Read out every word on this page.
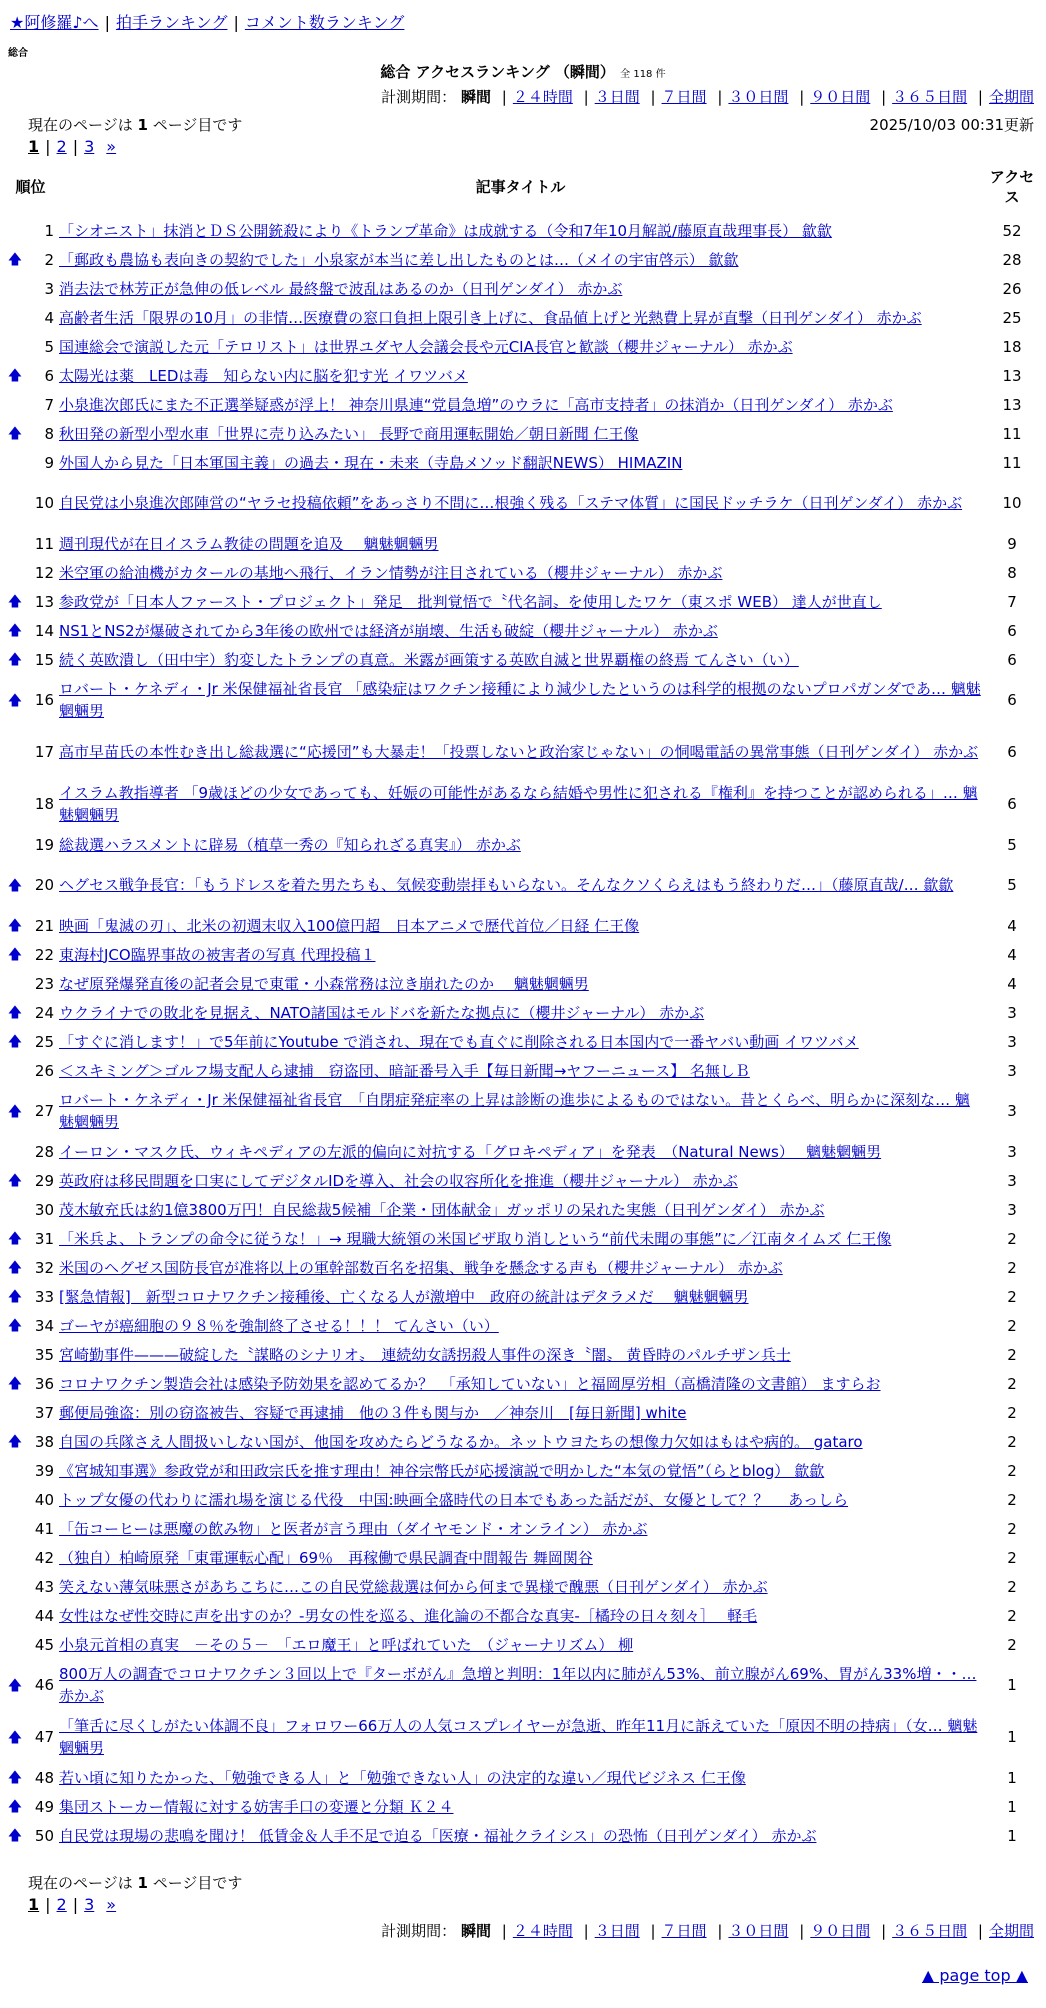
★阿修羅♪へ | 拍手ランキング | コメント数ランキング
総合
総合 アクセスランキング （瞬間） 全 118 件
計測期間： 瞬間 | ２４時間 | ３日間 | ７日間 | ３０日間 | ９０日間 | ３６５日間 | 全期間
現在のページは 1 ページ目です	2025/10/03 00:31更新
1 | 2 | 3 »
順位		記事タイトル	アクセス
	1	「シオニスト」抹消とＤＳ公開銃殺により《トランプ革命》は成就する（令和7年10月解説/藤原直哉理事長） 歙歙	52
🡅	2	「郵政も農協も表向きの契約でした」小泉家が本当に差し出したものとは…（メイの宇宙啓示） 歙歙	28
	3	消去法で林芳正が急伸の低レベル 最終盤で波乱はあるのか（日刊ゲンダイ） 赤かぶ	26
	4	高齢者生活「限界の10月」の非情…医療費の窓口負担上限引き上げに、食品値上げと光熱費上昇が直撃（日刊ゲンダイ） 赤かぶ	25
	5	国連総会で演説した元「テロリスト」は世界ユダヤ人会議会長や元CIA長官と歓談（櫻井ジャーナル） 赤かぶ	18
🡅	6	太陽光は薬　LEDは毒　知らない内に脳を犯す光 イワツバメ	13
	7	小泉進次郎氏にまた不正選挙疑惑が浮上！ 神奈川県連“党員急増”のウラに「高市支持者」の抹消か（日刊ゲンダイ） 赤かぶ	13
🡅	8	秋田発の新型小型水車「世界に売り込みたい」 長野で商用運転開始／朝日新聞 仁王像	11
	9	外国人から見た「日本軍国主義」の過去・現在・未来（寺島メソッド翻訳NEWS） HIMAZIN	11
	10	自民党は小泉進次郎陣営の“ヤラセ投稿依頼”をあっさり不問に…根強く残る「ステマ体質」に国民ドッチラケ（日刊ゲンダイ） 赤かぶ	10
	11	週刊現代が在日イスラム教徒の問題を追及　 魑魅魍魎男	9
	12	米空軍の給油機がカタールの基地へ飛行、イラン情勢が注目されている（櫻井ジャーナル） 赤かぶ	8
🡅	13	参政党が「日本人ファースト・プロジェクト」発足　批判覚悟で〝代名詞〟を使用したワケ（東スポ WEB） 達人が世直し	7
🡅	14	NS1とNS2が爆破されてから3年後の欧州では経済が崩壊、生活も破綻（櫻井ジャーナル） 赤かぶ	6
🡅	15	続く英欧潰し（田中宇）豹変したトランプの真意。米露が画策する英欧自滅と世界覇権の終焉 てんさい（い）	6
🡅	16	ロバート・ケネディ・Jr 米保健福祉省長官 「感染症はワクチン接種により減少したというのは科学的根拠のないプロパガンダであ… 魑魅魍魎男	6
	17	高市早苗氏の本性むき出し総裁選に“応援団”も大暴走！「投票しないと政治家じゃない」の恫喝電話の異常事態（日刊ゲンダイ） 赤かぶ	6
	18	イスラム教指導者 「9歳ほどの少女であっても、妊娠の可能性があるなら結婚や男性に犯される『権利』を持つことが認められる」… 魑魅魍魎男	6
	19	総裁選ハラスメントに辟易（植草一秀の『知られざる真実』） 赤かぶ	5
🡅	20	ヘグセス戦争長官：「もうドレスを着た男たちも、気候変動崇拝もいらない。そんなクソくらえはもう終わりだ…」（藤原直哉/… 歙歙	5
🡅	21	映画「鬼滅の刃」、北米の初週末収入100億円超　日本アニメで歴代首位／日経 仁王像	4
🡅	22	東海村JCO臨界事故の被害者の写真 代理投稿１	4
	23	なぜ原発爆発直後の記者会見で東電・小森常務は泣き崩れたのか　 魑魅魍魎男	4
🡅	24	ウクライナでの敗北を見据え、NATO諸国はモルドバを新たな拠点に（櫻井ジャーナル） 赤かぶ	3
🡅	25	「すぐに消します！」で5年前にYoutube で消され、現在でも直ぐに削除される日本国内で一番ヤバい動画 イワツバメ	3
	26	＜スキミング＞ゴルフ場支配人ら逮捕　窃盗団、暗証番号入手【毎日新聞→ヤフーニュース】 名無しＢ	3
🡅	27	ロバート・ケネディ・Jr 米保健福祉省長官　「自閉症発症率の上昇は診断の進歩によるものではない。昔とくらべ、明らかに深刻な… 魑魅魍魎男	3
	28	イーロン・マスク氏、ウィキペディアの左派的偏向に対抗する「グロキペディア」を発表　（Natural News）　 魑魅魍魎男	3
🡅	29	英政府は移民問題を口実にしてデジタルIDを導入、社会の収容所化を推進（櫻井ジャーナル） 赤かぶ	3
	30	茂木敏充氏は約1億3800万円！自民総裁5候補「企業・団体献金」ガッポリの呆れた実態（日刊ゲンダイ） 赤かぶ	3
🡅	31	「米兵よ、トランプの命令に従うな！」→ 現職大統領の米国ビザ取り消しという“前代未聞の事態”に／江南タイムズ 仁王像	2
🡅	32	米国のヘグゼス国防長官が准将以上の軍幹部数百名を招集、戦争を懸念する声も（櫻井ジャーナル） 赤かぶ	2
🡅	33	[緊急情報]　新型コロナワクチン接種後、亡くなる人が激増中　政府の統計はデタラメだ　 魑魅魍魎男	2
🡅	34	ゴーヤが癌細胞の９８％を強制終了させる！！！ てんさい（い）	2
	35	宮崎勤事件———破綻した〝謀略のシナリオ〟　連続幼女誘拐殺人事件の深き〝闇〟 黄昏時のパルチザン兵士	2
🡅	36	コロナワクチン製造会社は感染予防効果を認めてるか？　「承知していない」と福岡厚労相（高橋清隆の文書館） ますらお	2
	37	郵便局強盗：別の窃盗被告、容疑で再逮捕　他の３件も関与か　／神奈川　[毎日新聞] white	2
🡅	38	自国の兵隊さえ人間扱いしない国が、他国を攻めたらどうなるか。ネットウヨたちの想像力欠如はもはや病的。 gataro	2
	39	《宮城知事選》参政党が和田政宗氏を推す理由！神谷宗幣氏が応援演説で明かした“本気の覚悟”（らとblog） 歙歙	2
	40	トップ女優の代わりに濡れ場を演じる代役　中国:映画全盛時代の日本でもあった話だが、女優として？？　 あっしら	2
	41	「缶コーヒーは悪魔の飲み物」と医者が言う理由（ダイヤモンド・オンライン） 赤かぶ	2
	42	（独自）柏崎原発「東電運転心配」69％　再稼働で県民調査中間報告 舞岡関谷	2
	43	笑えない薄気味悪さがあちこちに…この自民党総裁選は何から何まで異様で醜悪（日刊ゲンダイ） 赤かぶ	2
	44	女性はなぜ性交時に声を出すのか？-男女の性を巡る、進化論の不都合な真実-［橘玲の日々刻々］　 軽毛	2
	45	小泉元首相の真実　－その５－　「エロ魔王」と呼ばれていた　（ジャーナリズム） 柳	2
🡅	46	800万人の調査でコロナワクチン３回以上で『ターボがん』急増と判明：1年以内に肺がん53%、前立腺がん69%、胃がん33%増・・… 赤かぶ	1
🡅	47	「筆舌に尽くしがたい体調不良」フォロワー66万人の人気コスプレイヤーが急逝、昨年11月に訴えていた「原因不明の持病」（女… 魑魅魍魎男	1
🡅	48	若い頃に知りたかった、「勉強できる人」と「勉強できない人」の決定的な違い／現代ビジネス 仁王像	1
🡅	49	集団ストーカー情報に対する妨害手口の変遷と分類 Ｋ２４	1
🡅	50	自民党は現場の悲鳴を聞け！ 低賃金＆人手不足で迫る「医療・福祉クライシス」の恐怖（日刊ゲンダイ） 赤かぶ	1
現在のページは 1 ページ目です
1 | 2 | 3 »
計測期間： 瞬間 | ２４時間 | ３日間 | ７日間 | ３０日間 | ９０日間 | ３６５日間 | 全期間
▲ page top ▲
